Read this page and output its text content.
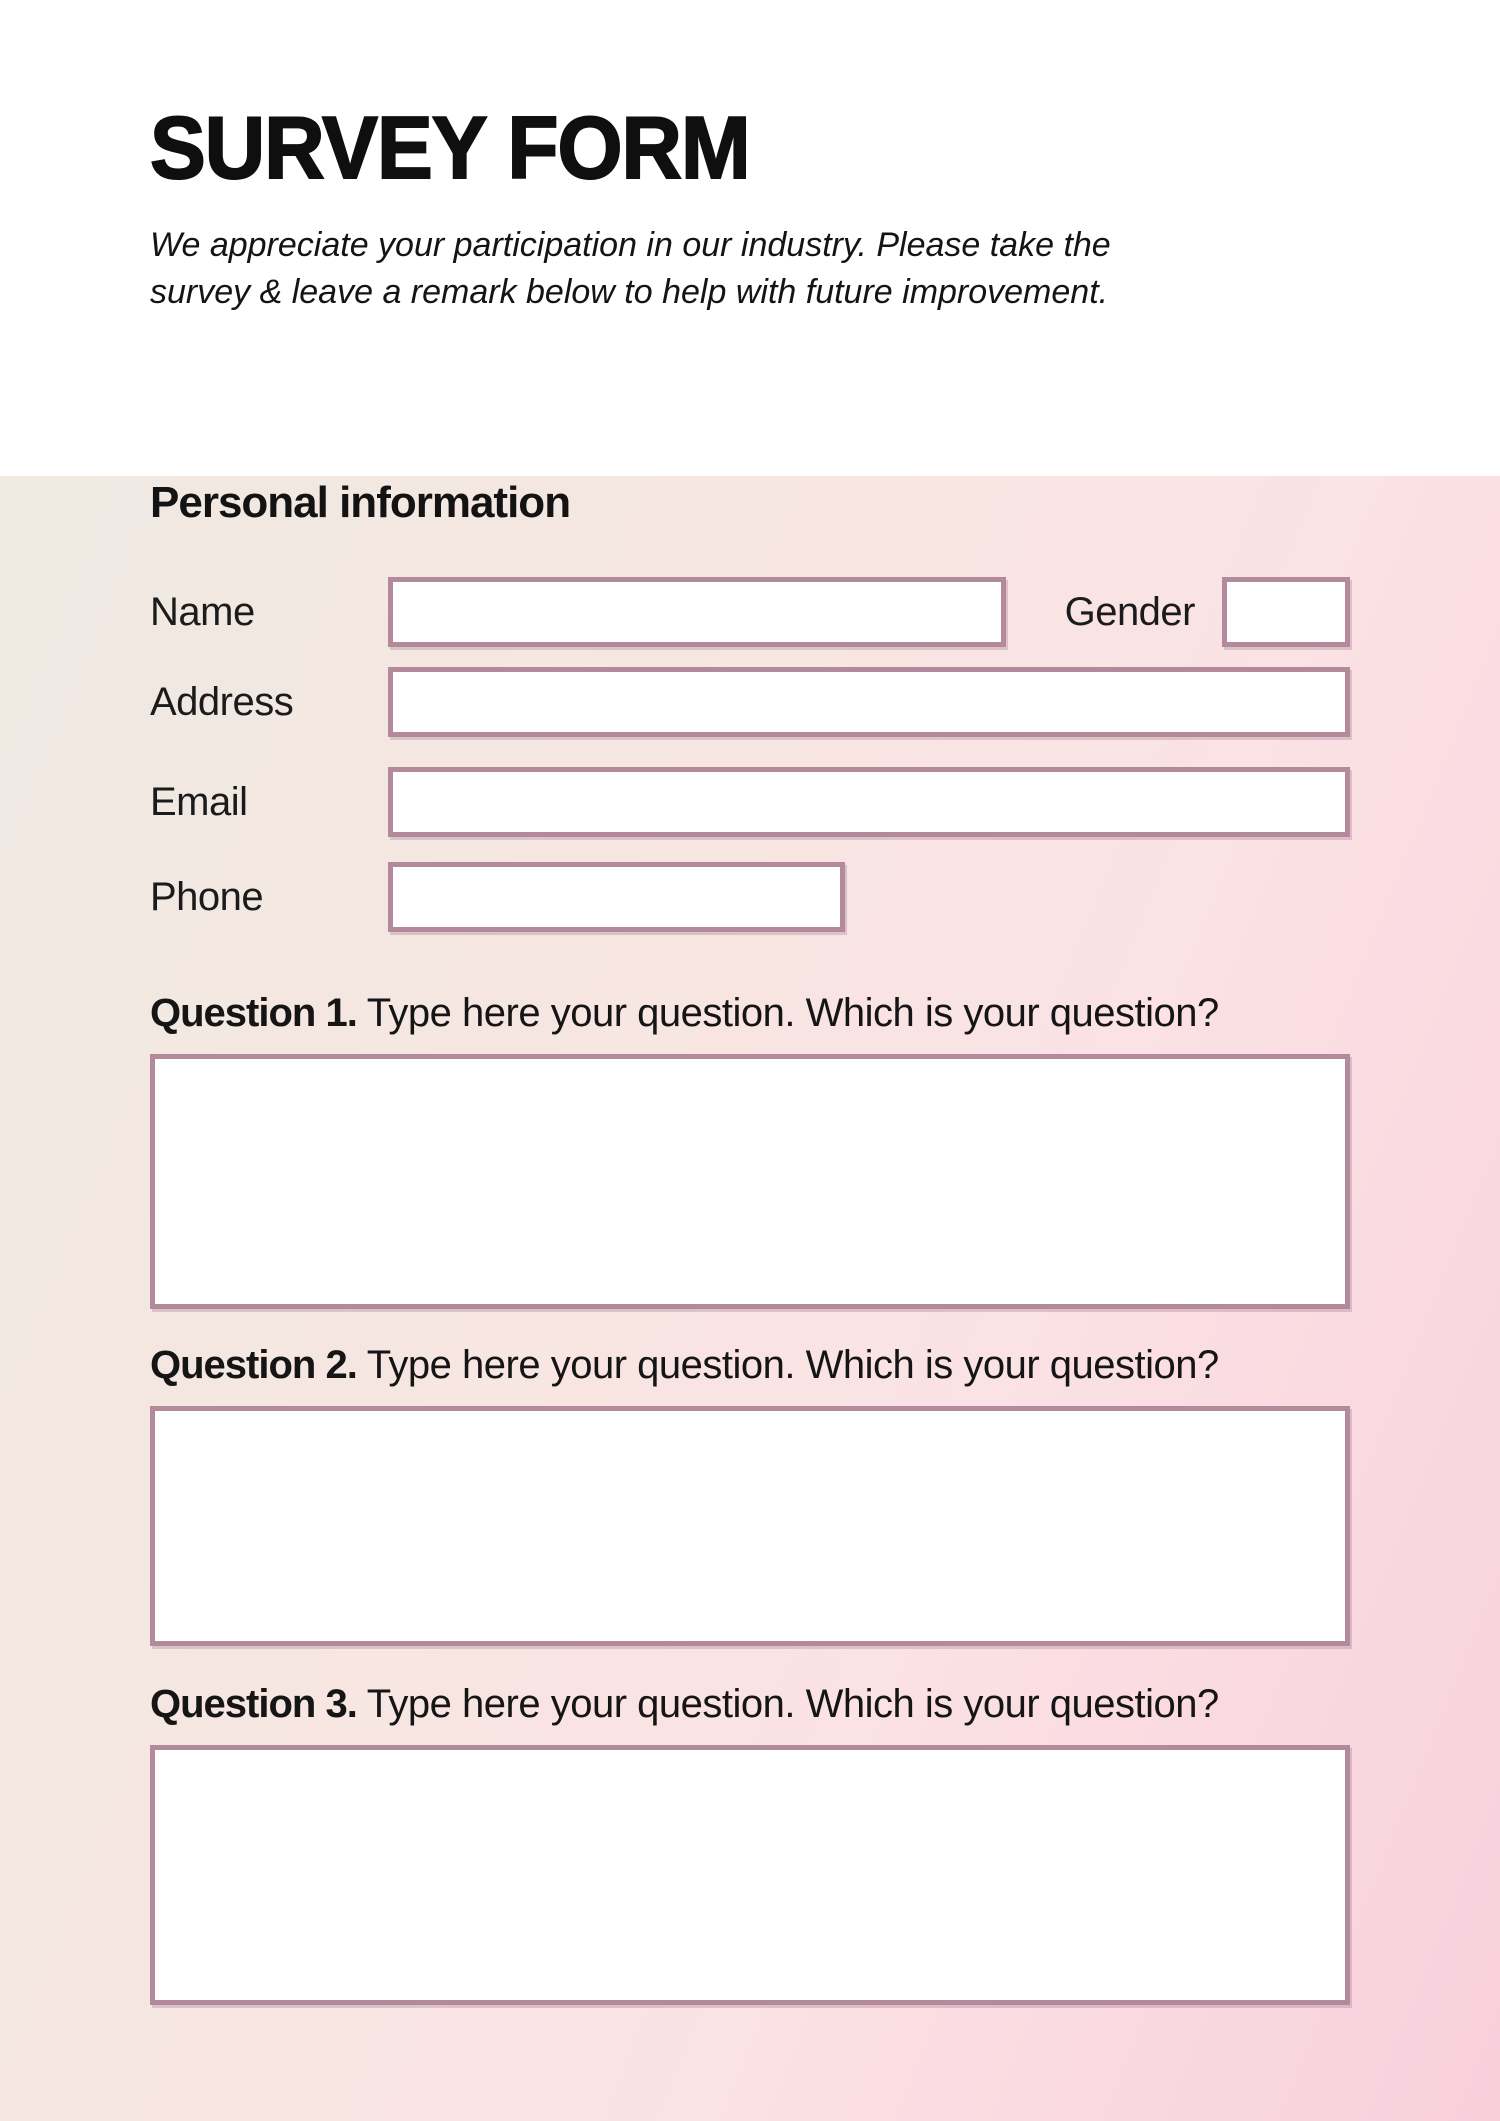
SURVEY FORM

We appreciate your participation in our industry. Please take the
survey & leave a remark below to help with future improvement.

Personal information
Name	Gender
Address
Email
Phone

Question 1. Type here your question. Which is your question?

Question 2. Type here your question. Which is your question?

Question 3. Type here your question. Which is your question?
